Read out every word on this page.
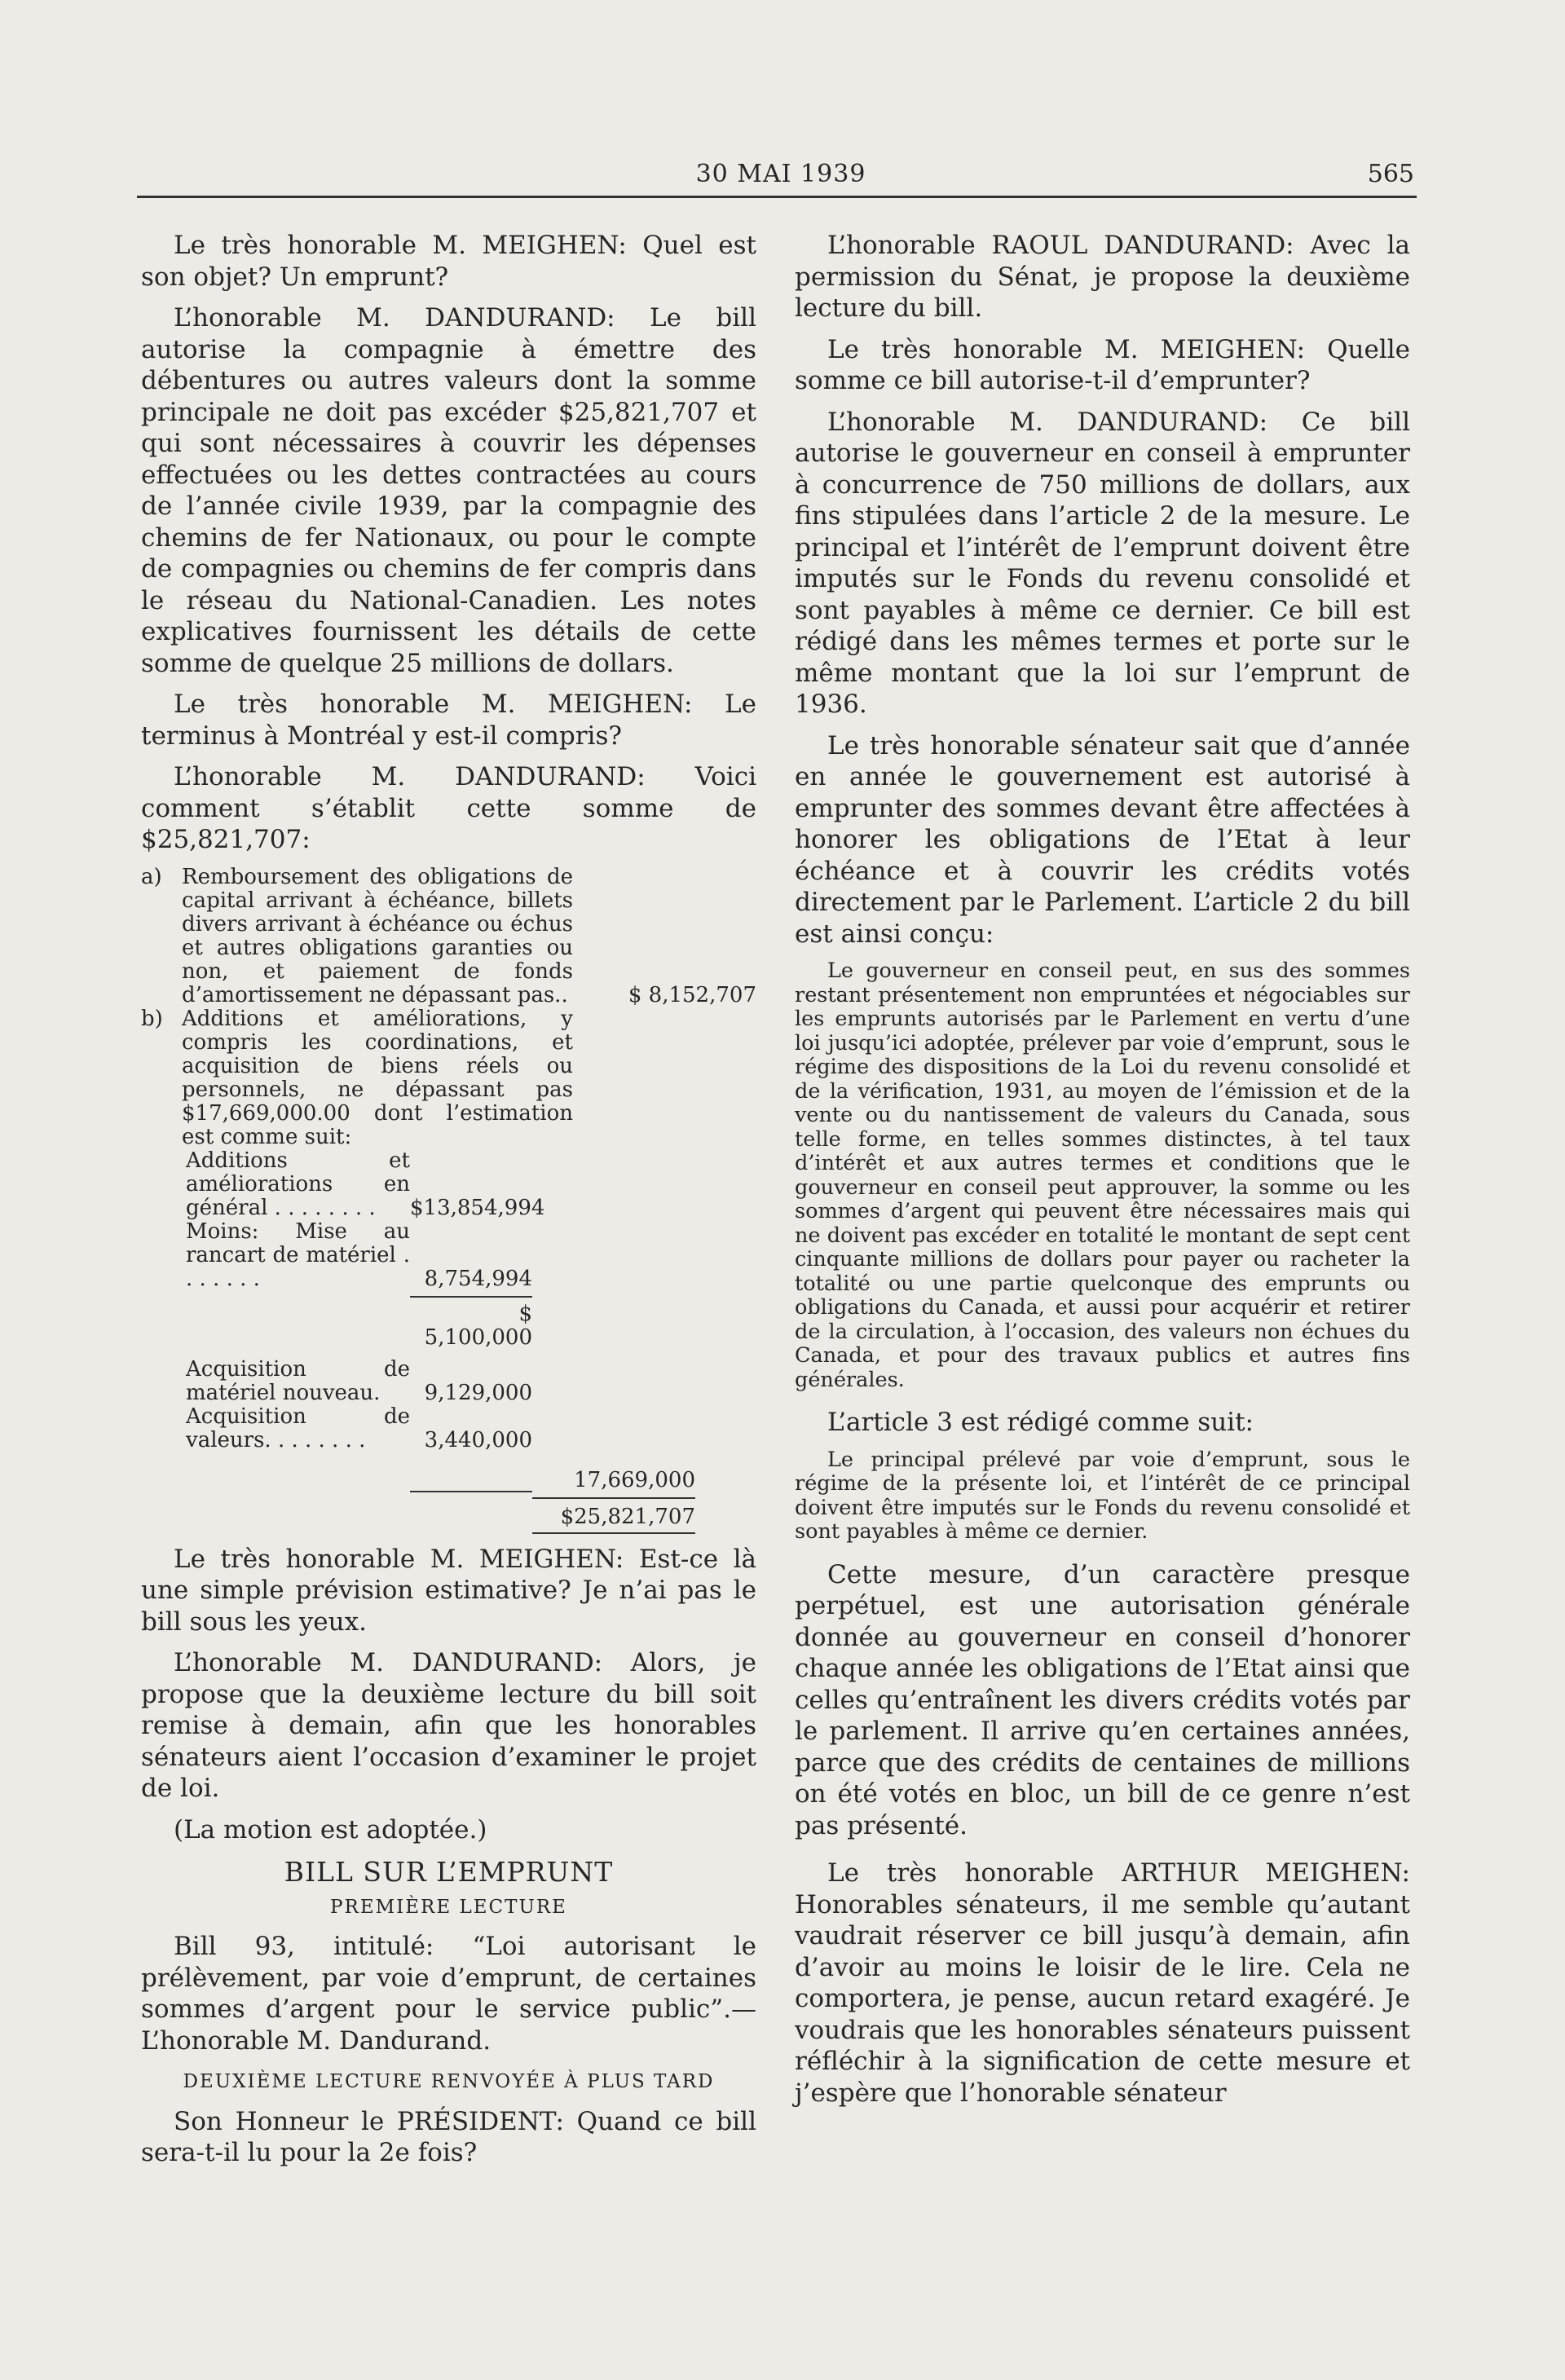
30 MAI 1939	565

Le très honorable M. MEIGHEN: Quel est son objet? Un emprunt?

L’honorable M. DANDURAND: Le bill autorise la compagnie à émettre des débentures ou autres valeurs dont la somme principale ne doit pas excéder $25,821,707 et qui sont nécessaires à couvrir les dépenses effectuées ou les dettes contractées au cours de l’année civile 1939, par la compagnie des chemins de fer Nationaux, ou pour le compte de compagnies ou chemins de fer compris dans le réseau du National-Canadien. Les notes explicatives fournissent les détails de cette somme de quelque 25 millions de dollars.

Le très honorable M. MEIGHEN: Le terminus à Montréal y est-il compris?

L’honorable M. DANDURAND: Voici comment s’établit cette somme de $25,821,707:

a) Remboursement des obligations de capital arrivant à échéance, billets divers arrivant à échéance ou échus et autres obligations garanties ou non, et paiement de fonds d’amortissement ne dépassant pas..	$ 8,152,707
b) Additions et améliorations, y compris les coordinations, et acquisition de biens réels ou personnels, ne dépassant pas $17,669,000.00 dont l’estimation est comme suit:
Additions et améliorations en général . . . . . . . .	$13,854,994
Moins: Mise au rancart de matériel . . . . . . .	8,754,994
$ 5,100,000
Acquisition de matériel nouveau.	9,129,000
Acquisition de valeurs. . . . . . . .	3,440,000
17,669,000
$25,821,707

Le très honorable M. MEIGHEN: Est-ce là une simple prévision estimative? Je n’ai pas le bill sous les yeux.

L’honorable M. DANDURAND: Alors, je propose que la deuxième lecture du bill soit remise à demain, afin que les honorables sénateurs aient l’occasion d’examiner le projet de loi.

(La motion est adoptée.)

BILL SUR L’EMPRUNT
PREMIÈRE LECTURE

Bill 93, intitulé: “Loi autorisant le prélèvement, par voie d’emprunt, de certaines sommes d’argent pour le service public”.—L’honorable M. Dandurand.

DEUXIÈME LECTURE RENVOYÉE À PLUS TARD

Son Honneur le PRÉSIDENT: Quand ce bill sera-t-il lu pour la 2e fois?

L’honorable RAOUL DANDURAND: Avec la permission du Sénat, je propose la deuxième lecture du bill.

Le très honorable M. MEIGHEN: Quelle somme ce bill autorise-t-il d’emprunter?

L’honorable M. DANDURAND: Ce bill autorise le gouverneur en conseil à emprunter à concurrence de 750 millions de dollars, aux fins stipulées dans l’article 2 de la mesure. Le principal et l’intérêt de l’emprunt doivent être imputés sur le Fonds du revenu consolidé et sont payables à même ce dernier. Ce bill est rédigé dans les mêmes termes et porte sur le même montant que la loi sur l’emprunt de 1936.

Le très honorable sénateur sait que d’année en année le gouvernement est autorisé à emprunter des sommes devant être affectées à honorer les obligations de l’Etat à leur échéance et à couvrir les crédits votés directement par le Parlement. L’article 2 du bill est ainsi conçu:

Le gouverneur en conseil peut, en sus des sommes restant présentement non empruntées et négociables sur les emprunts autorisés par le Parlement en vertu d’une loi jusqu’ici adoptée, prélever par voie d’emprunt, sous le régime des dispositions de la Loi du revenu consolidé et de la vérification, 1931, au moyen de l’émission et de la vente ou du nantissement de valeurs du Canada, sous telle forme, en telles sommes distinctes, à tel taux d’intérêt et aux autres termes et conditions que le gouverneur en conseil peut approuver, la somme ou les sommes d’argent qui peuvent être nécessaires mais qui ne doivent pas excéder en totalité le montant de sept cent cinquante millions de dollars pour payer ou racheter la totalité ou une partie quelconque des emprunts ou obligations du Canada, et aussi pour acquérir et retirer de la circulation, à l’occasion, des valeurs non échues du Canada, et pour des travaux publics et autres fins générales.

L’article 3 est rédigé comme suit:

Le principal prélevé par voie d’emprunt, sous le régime de la présente loi, et l’intérêt de ce principal doivent être imputés sur le Fonds du revenu consolidé et sont payables à même ce dernier.

Cette mesure, d’un caractère presque perpétuel, est une autorisation générale donnée au gouverneur en conseil d’honorer chaque année les obligations de l’Etat ainsi que celles qu’entraînent les divers crédits votés par le parlement. Il arrive qu’en certaines années, parce que des crédits de centaines de millions on été votés en bloc, un bill de ce genre n’est pas présenté.

Le très honorable ARTHUR MEIGHEN: Honorables sénateurs, il me semble qu’autant vaudrait réserver ce bill jusqu’à demain, afin d’avoir au moins le loisir de le lire. Cela ne comportera, je pense, aucun retard exagéré. Je voudrais que les honorables sénateurs puissent réfléchir à la signification de cette mesure et j’espère que l’honorable sénateur
